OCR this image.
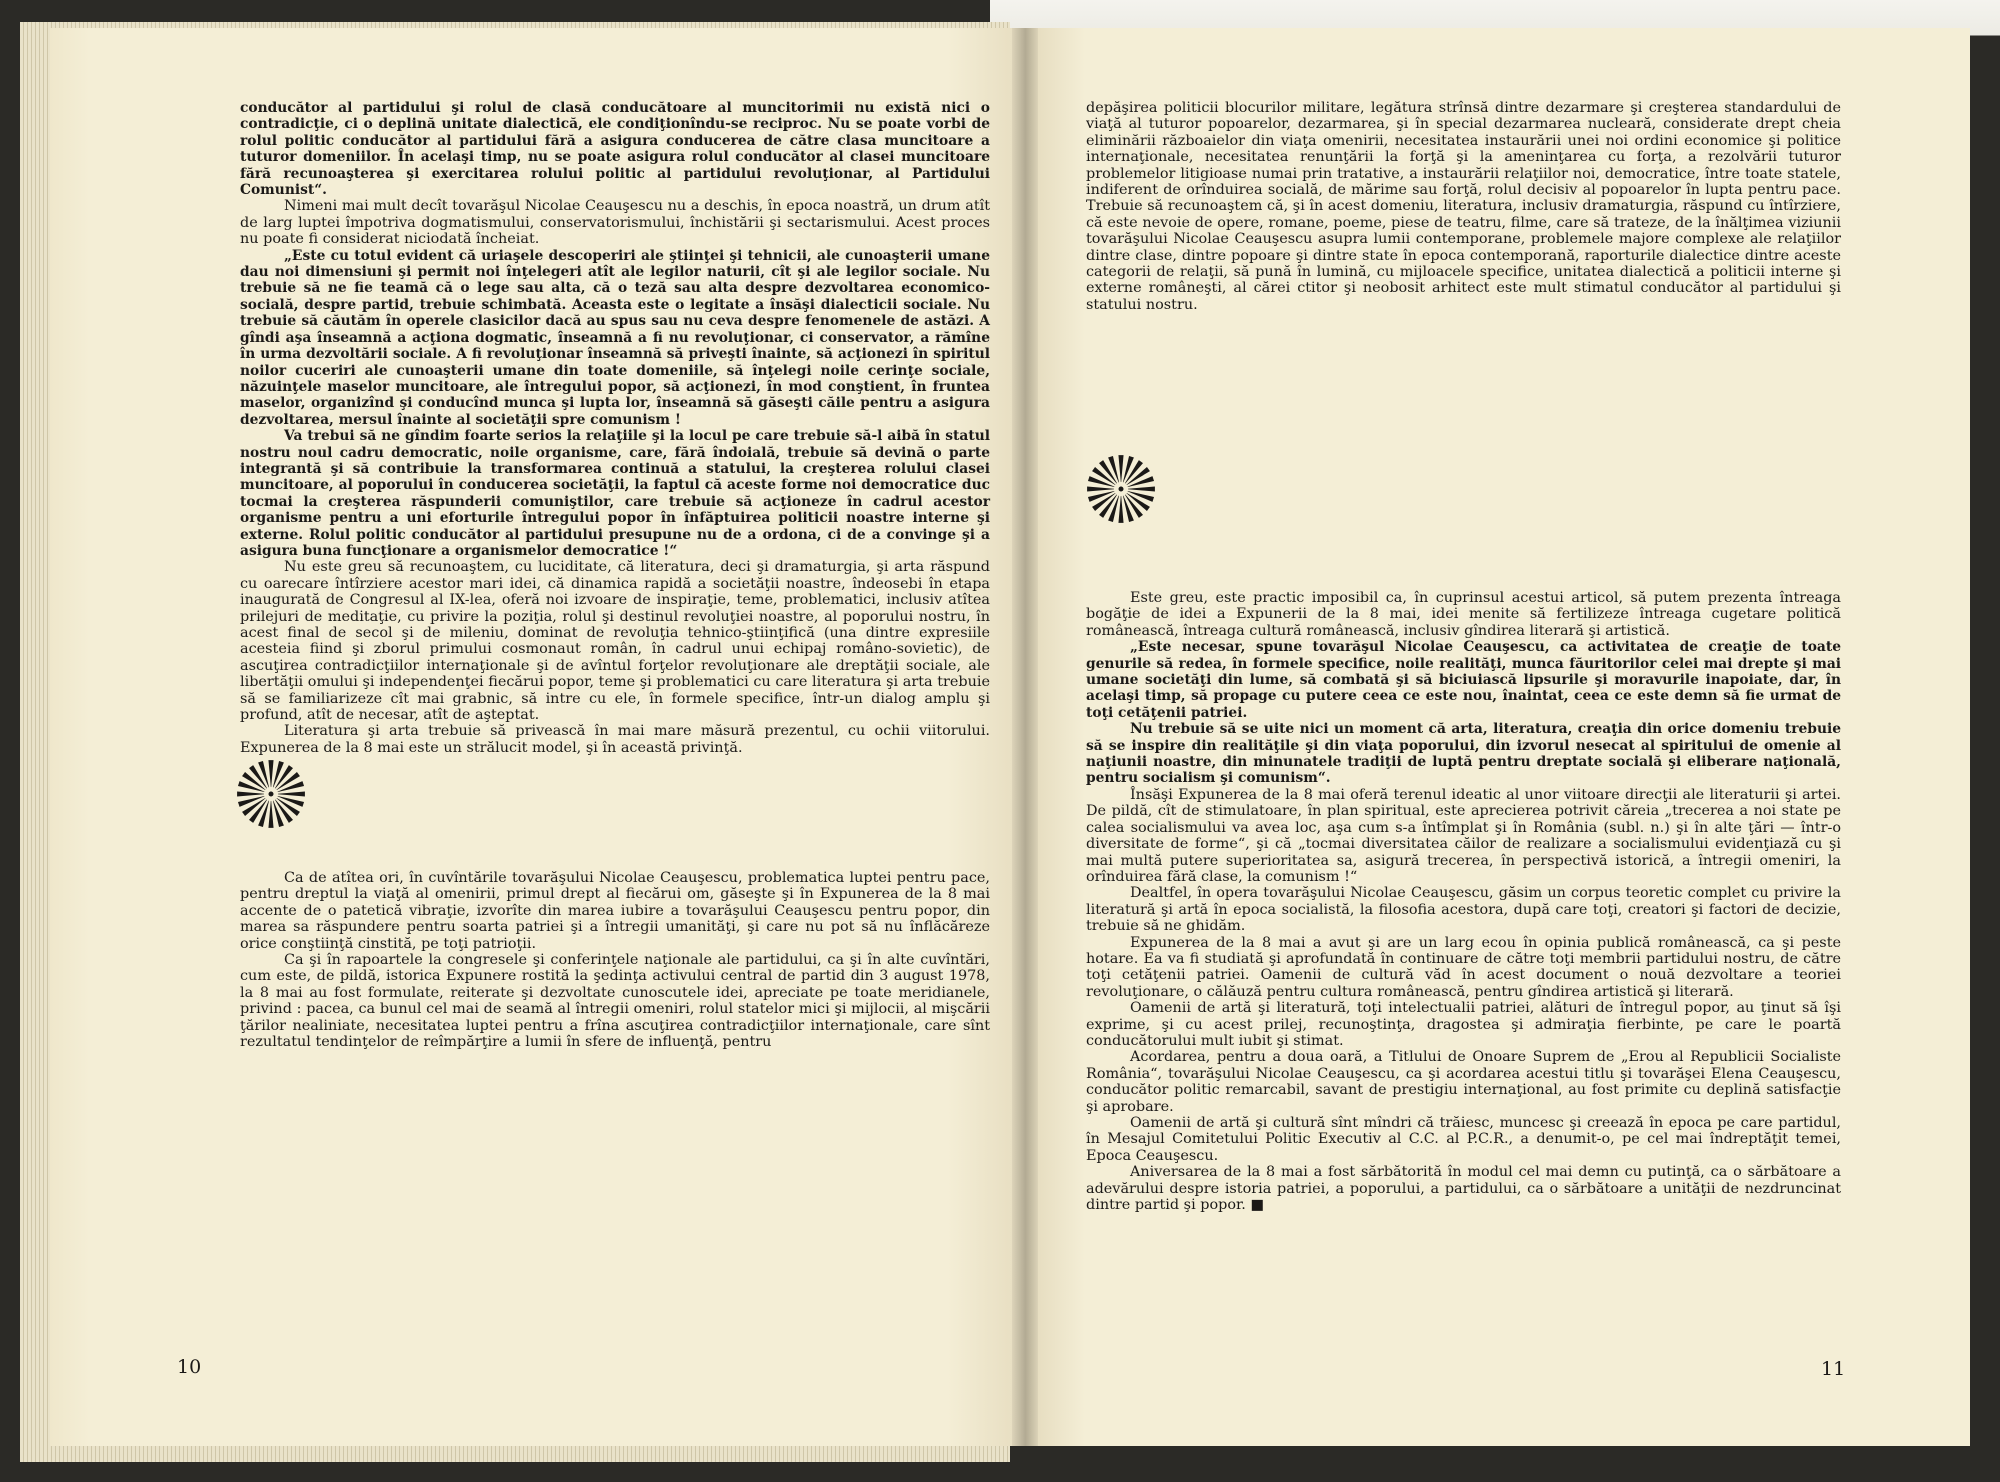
conducător al partidului şi rolul de clasă conducătoare al muncitorimii nu există nici o contradicţie, ci o deplină unitate dialectică, ele condiţionîndu-se reciproc. Nu se poate vorbi de rolul politic conducător al partidului fără a asigura conducerea de către clasa muncitoare a tuturor domeniilor. În acelaşi timp, nu se poate asigura rolul conducător al clasei muncitoare fără recunoaşterea şi exercitarea rolului politic al partidului revoluţionar, al Partidului Comunist“.

Nimeni mai mult decît tovarăşul Nicolae Ceauşescu nu a deschis, în epoca noastră, un drum atît de larg luptei împotriva dogmatismului, conservatorismului, închistării şi sectarismului. Acest proces nu poate fi considerat niciodată încheiat.

„Este cu totul evident că uriaşele descoperiri ale ştiinţei şi tehnicii, ale cunoaşterii umane dau noi dimensiuni şi permit noi înţelegeri atît ale legilor naturii, cît şi ale legilor sociale. Nu trebuie să ne fie teamă că o lege sau alta, că o teză sau alta despre dezvoltarea economico-socială, despre partid, trebuie schimbată. Aceasta este o legitate a însăşi dialecticii sociale. Nu trebuie să căutăm în operele clasicilor dacă au spus sau nu ceva despre fenomenele de astăzi. A gîndi aşa înseamnă a acţiona dogmatic, înseamnă a fi nu revoluţionar, ci conservator, a rămîne în urma dezvoltării sociale. A fi revoluţionar înseamnă să priveşti înainte, să acţionezi în spiritul noilor cuceriri ale cunoaşterii umane din toate domeniile, să înţelegi noile cerinţe sociale, năzuinţele maselor muncitoare, ale întregului popor, să acţionezi, în mod conştient, în fruntea maselor, organizînd şi conducînd munca şi lupta lor, înseamnă să găseşti căile pentru a asigura dezvoltarea, mersul înainte al societăţii spre comunism !

Va trebui să ne gîndim foarte serios la relaţiile şi la locul pe care trebuie să-l aibă în statul nostru noul cadru democratic, noile organisme, care, fără îndoială, trebuie să devină o parte integrantă şi să contribuie la transformarea continuă a statului, la creşterea rolului clasei muncitoare, al poporului în conducerea societăţii, la faptul că aceste forme noi democratice duc tocmai la creşterea răspunderii comuniştilor, care trebuie să acţioneze în cadrul acestor organisme pentru a uni eforturile întregului popor în înfăptuirea politicii noastre interne şi externe. Rolul politic conducător al partidului presupune nu de a ordona, ci de a convinge şi a asigura buna funcţionare a organismelor democratice !“

Nu este greu să recunoaştem, cu luciditate, că literatura, deci şi dramaturgia, şi arta răspund cu oarecare întîrziere acestor mari idei, că dinamica rapidă a societăţii noastre, îndeosebi în etapa inaugurată de Congresul al IX-lea, oferă noi izvoare de inspiraţie, teme, problematici, inclusiv atîtea prilejuri de meditaţie, cu privire la poziţia, rolul şi destinul revoluţiei noastre, al poporului nostru, în acest final de secol şi de mileniu, dominat de revoluţia tehnico-ştiinţifică (una dintre expresiile acesteia fiind şi zborul primului cosmonaut român, în cadrul unui echipaj româno-sovietic), de ascuţirea contradicţiilor internaţionale şi de avîntul forţelor revoluţionare ale dreptăţii sociale, ale libertăţii omului şi independenţei fiecărui popor, teme şi problematici cu care literatura şi arta trebuie să se familiarizeze cît mai grabnic, să intre cu ele, în formele specifice, într-un dialog amplu şi profund, atît de necesar, atît de aşteptat.

Literatura şi arta trebuie să privească în mai mare măsură prezentul, cu ochii viitorului. Expunerea de la 8 mai este un strălucit model, şi în această privinţă.

Ca de atîtea ori, în cuvîntările tovarăşului Nicolae Ceauşescu, problematica luptei pentru pace, pentru dreptul la viaţă al omenirii, primul drept al fiecărui om, găseşte şi în Expunerea de la 8 mai accente de o patetică vibraţie, izvorîte din marea iubire a tovarăşului Ceauşescu pentru popor, din marea sa răspundere pentru soarta patriei şi a întregii umanităţi, şi care nu pot să nu înflăcăreze orice conştiinţă cinstită, pe toţi patrioţii.

Ca şi în rapoartele la congresele şi conferinţele naţionale ale partidului, ca şi în alte cuvîntări, cum este, de pildă, istorica Expunere rostită la şedinţa activului central de partid din 3 august 1978, la 8 mai au fost formulate, reiterate şi dezvoltate cunoscutele idei, apreciate pe toate meridianele, privind : pacea, ca bunul cel mai de seamă al întregii omeniri, rolul statelor mici şi mijlocii, al mişcării ţărilor nealiniate, necesitatea luptei pentru a frîna ascuţirea contradicţiilor internaţionale, care sînt rezultatul tendinţelor de reîmpărţire a lumii în sfere de influenţă, pentru

10

depăşirea politicii blocurilor militare, legătura strînsă dintre dezarmare şi creşterea standardului de viaţă al tuturor popoarelor, dezarmarea, şi în special dezarmarea nucleară, considerate drept cheia eliminării războaielor din viaţa omenirii, necesitatea instaurării unei noi ordini economice şi politice internaţionale, necesitatea renunţării la forţă şi la ameninţarea cu forţa, a rezolvării tuturor problemelor litigioase numai prin tratative, a instaurării relaţiilor noi, democratice, între toate statele, indiferent de orînduirea socială, de mărime sau forţă, rolul decisiv al popoarelor în lupta pentru pace. Trebuie să recunoaştem că, şi în acest domeniu, literatura, inclusiv dramaturgia, răspund cu întîrziere, că este nevoie de opere, romane, poeme, piese de teatru, filme, care să trateze, de la înălţimea viziunii tovarăşului Nicolae Ceauşescu asupra lumii contemporane, problemele majore complexe ale relaţiilor dintre clase, dintre popoare şi dintre state în epoca contemporană, raporturile dialectice dintre aceste categorii de relaţii, să pună în lumină, cu mijloacele specifice, unitatea dialectică a politicii interne şi externe româneşti, al cărei ctitor şi neobosit arhitect este mult stimatul conducător al partidului şi statului nostru.

Este greu, este practic imposibil ca, în cuprinsul acestui articol, să putem prezenta întreaga bogăţie de idei a Expunerii de la 8 mai, idei menite să fertilizeze întreaga cugetare politică românească, întreaga cultură românească, inclusiv gîndirea literară şi artistică.

„Este necesar, spune tovarăşul Nicolae Ceauşescu, ca activitatea de creaţie de toate genurile să redea, în formele specifice, noile realităţi, munca făuritorilor celei mai drepte şi mai umane societăţi din lume, să combată şi să biciuiască lipsurile şi moravurile inapoiate, dar, în acelaşi timp, să propage cu putere ceea ce este nou, înaintat, ceea ce este demn să fie urmat de toţi cetăţenii patriei.

Nu trebuie să se uite nici un moment că arta, literatura, creaţia din orice domeniu trebuie să se inspire din realităţile şi din viaţa poporului, din izvorul nesecat al spiritului de omenie al naţiunii noastre, din minunatele tradiţii de luptă pentru dreptate socială şi eliberare naţională, pentru socialism şi comunism“.

Însăşi Expunerea de la 8 mai oferă terenul ideatic al unor viitoare direcţii ale literaturii şi artei. De pildă, cît de stimulatoare, în plan spiritual, este aprecierea potrivit căreia „trecerea a noi state pe calea socialismului va avea loc, aşa cum s-a întîmplat şi în România (subl. n.) şi în alte ţări — într-o diversitate de forme“, şi că „tocmai diversitatea căilor de realizare a socialismului evidenţiază cu şi mai multă putere superioritatea sa, asigură trecerea, în perspectivă istorică, a întregii omeniri, la orînduirea fără clase, la comunism !“

Dealtfel, în opera tovarăşului Nicolae Ceauşescu, găsim un corpus teoretic complet cu privire la literatură şi artă în epoca socialistă, la filosofia acestora, după care toţi, creatori şi factori de decizie, trebuie să ne ghidăm.

Expunerea de la 8 mai a avut şi are un larg ecou în opinia publică românească, ca şi peste hotare. Ea va fi studiată şi aprofundată în continuare de către toţi membrii partidului nostru, de către toţi cetăţenii patriei. Oamenii de cultură văd în acest document o nouă dezvoltare a teoriei revoluţionare, o călăuză pentru cultura românească, pentru gîndirea artistică şi literară.

Oamenii de artă şi literatură, toţi intelectualii patriei, alături de întregul popor, au ţinut să îşi exprime, şi cu acest prilej, recunoştinţa, dragostea şi admiraţia fierbinte, pe care le poartă conducătorului mult iubit şi stimat.

Acordarea, pentru a doua oară, a Titlului de Onoare Suprem de „Erou al Republicii Socialiste România“, tovarăşului Nicolae Ceauşescu, ca şi acordarea acestui titlu şi tovarăşei Elena Ceauşescu, conducător politic remarcabil, savant de prestigiu internaţional, au fost primite cu deplină satisfacţie şi aprobare.

Oamenii de artă şi cultură sînt mîndri că trăiesc, muncesc şi creează în epoca pe care partidul, în Mesajul Comitetului Politic Executiv al C.C. al P.C.R., a denumit-o, pe cel mai îndreptăţit temei, Epoca Ceauşescu.

Aniversarea de la 8 mai a fost sărbătorită în modul cel mai demn cu putinţă, ca o sărbătoare a adevărului despre istoria patriei, a poporului, a partidului, ca o sărbătoare a unităţii de nezdruncinat dintre partid şi popor. ■

11
